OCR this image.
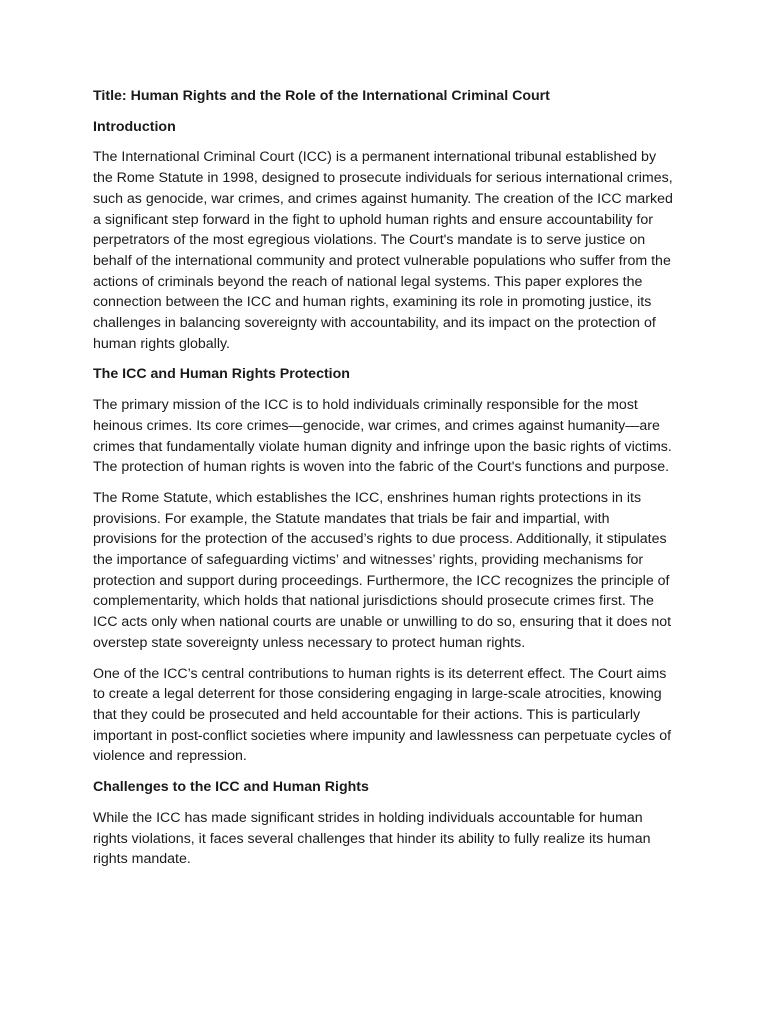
Title: Human Rights and the Role of the International Criminal Court
Introduction

The International Criminal Court (ICC) is a permanent international tribunal established by the Rome Statute in 1998, designed to prosecute individuals for serious international crimes, such as genocide, war crimes, and crimes against humanity. The creation of the ICC marked a significant step forward in the fight to uphold human rights and ensure accountability for perpetrators of the most egregious violations. The Court's mandate is to serve justice on behalf of the international community and protect vulnerable populations who suffer from the actions of criminals beyond the reach of national legal systems. This paper explores the connection between the ICC and human rights, examining its role in promoting justice, its challenges in balancing sovereignty with accountability, and its impact on the protection of human rights globally.

The ICC and Human Rights Protection

The primary mission of the ICC is to hold individuals criminally responsible for the most heinous crimes. Its core crimes—genocide, war crimes, and crimes against humanity—are crimes that fundamentally violate human dignity and infringe upon the basic rights of victims. The protection of human rights is woven into the fabric of the Court's functions and purpose.

The Rome Statute, which establishes the ICC, enshrines human rights protections in its provisions. For example, the Statute mandates that trials be fair and impartial, with provisions for the protection of the accused’s rights to due process. Additionally, it stipulates the importance of safeguarding victims’ and witnesses’ rights, providing mechanisms for protection and support during proceedings. Furthermore, the ICC recognizes the principle of complementarity, which holds that national jurisdictions should prosecute crimes first. The ICC acts only when national courts are unable or unwilling to do so, ensuring that it does not overstep state sovereignty unless necessary to protect human rights.

One of the ICC’s central contributions to human rights is its deterrent effect. The Court aims to create a legal deterrent for those considering engaging in large-scale atrocities, knowing that they could be prosecuted and held accountable for their actions. This is particularly important in post-conflict societies where impunity and lawlessness can perpetuate cycles of violence and repression.

Challenges to the ICC and Human Rights

While the ICC has made significant strides in holding individuals accountable for human rights violations, it faces several challenges that hinder its ability to fully realize its human rights mandate.
